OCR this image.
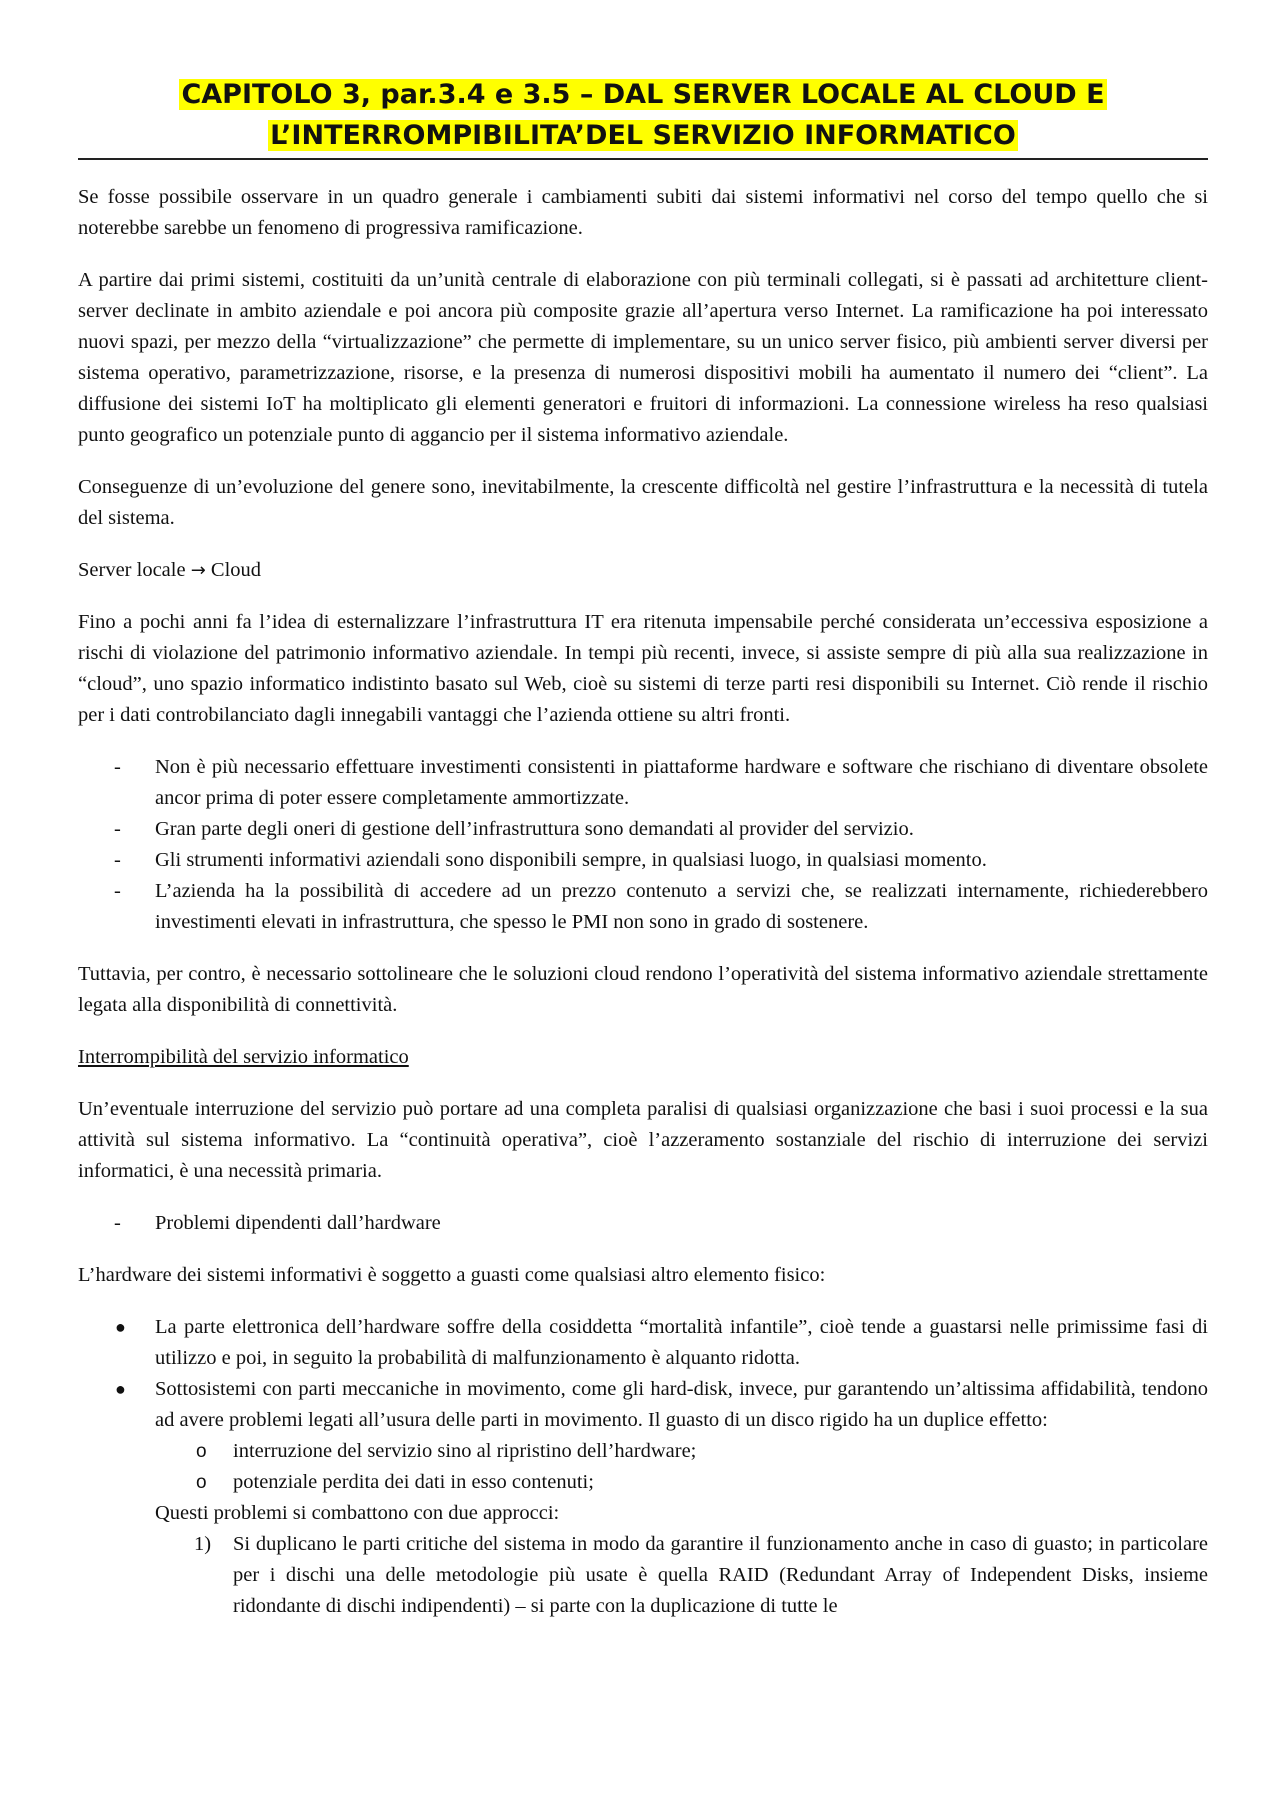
CAPITOLO 3, par.3.4 e 3.5 – DAL SERVER LOCALE AL CLOUD E
L’INTERROMPIBILITA’DEL SERVIZIO INFORMATICO

Se fosse possibile osservare in un quadro generale i cambiamenti subiti dai sistemi informativi nel corso del tempo quello che si noterebbe sarebbe un fenomeno di progressiva ramificazione.

A partire dai primi sistemi, costituiti da un’unità centrale di elaborazione con più terminali collegati, si è passati ad architetture client-server declinate in ambito aziendale e poi ancora più composite grazie all’apertura verso Internet. La ramificazione ha poi interessato nuovi spazi, per mezzo della “virtualizzazione” che permette di implementare, su un unico server fisico, più ambienti server diversi per sistema operativo, parametrizzazione, risorse, e la presenza di numerosi dispositivi mobili ha aumentato il numero dei “client”. La diffusione dei sistemi IoT ha moltiplicato gli elementi generatori e fruitori di informazioni. La connessione wireless ha reso qualsiasi punto geografico un potenziale punto di aggancio per il sistema informativo aziendale.

Conseguenze di un’evoluzione del genere sono, inevitabilmente, la crescente difficoltà nel gestire l’infrastruttura e la necessità di tutela del sistema.

Server locale → Cloud

Fino a pochi anni fa l’idea di esternalizzare l’infrastruttura IT era ritenuta impensabile perché considerata un’eccessiva esposizione a rischi di violazione del patrimonio informativo aziendale. In tempi più recenti, invece, si assiste sempre di più alla sua realizzazione in “cloud”, uno spazio informatico indistinto basato sul Web, cioè su sistemi di terze parti resi disponibili su Internet. Ciò rende il rischio per i dati controbilanciato dagli innegabili vantaggi che l’azienda ottiene su altri fronti.

- Non è più necessario effettuare investimenti consistenti in piattaforme hardware e software che rischiano di diventare obsolete ancor prima di poter essere completamente ammortizzate.
- Gran parte degli oneri di gestione dell’infrastruttura sono demandati al provider del servizio.
- Gli strumenti informativi aziendali sono disponibili sempre, in qualsiasi luogo, in qualsiasi momento.
- L’azienda ha la possibilità di accedere ad un prezzo contenuto a servizi che, se realizzati internamente, richiederebbero investimenti elevati in infrastruttura, che spesso le PMI non sono in grado di sostenere.

Tuttavia, per contro, è necessario sottolineare che le soluzioni cloud rendono l’operatività del sistema informativo aziendale strettamente legata alla disponibilità di connettività.

Interrompibilità del servizio informatico

Un’eventuale interruzione del servizio può portare ad una completa paralisi di qualsiasi organizzazione che basi i suoi processi e la sua attività sul sistema informativo. La “continuità operativa”, cioè l’azzeramento sostanziale del rischio di interruzione dei servizi informatici, è una necessità primaria.

- Problemi dipendenti dall’hardware

L’hardware dei sistemi informativi è soggetto a guasti come qualsiasi altro elemento fisico:

● La parte elettronica dell’hardware soffre della cosiddetta “mortalità infantile”, cioè tende a guastarsi nelle primissime fasi di utilizzo e poi, in seguito la probabilità di malfunzionamento è alquanto ridotta.
● Sottosistemi con parti meccaniche in movimento, come gli hard-disk, invece, pur garantendo un’altissima affidabilità, tendono ad avere problemi legati all’usura delle parti in movimento. Il guasto di un disco rigido ha un duplice effetto:
o interruzione del servizio sino al ripristino dell’hardware;
o potenziale perdita dei dati in esso contenuti;
Questi problemi si combattono con due approcci:
1) Si duplicano le parti critiche del sistema in modo da garantire il funzionamento anche in caso di guasto; in particolare per i dischi una delle metodologie più usate è quella RAID (Redundant Array of Independent Disks, insieme ridondante di dischi indipendenti) – si parte con la duplicazione di tutte le
